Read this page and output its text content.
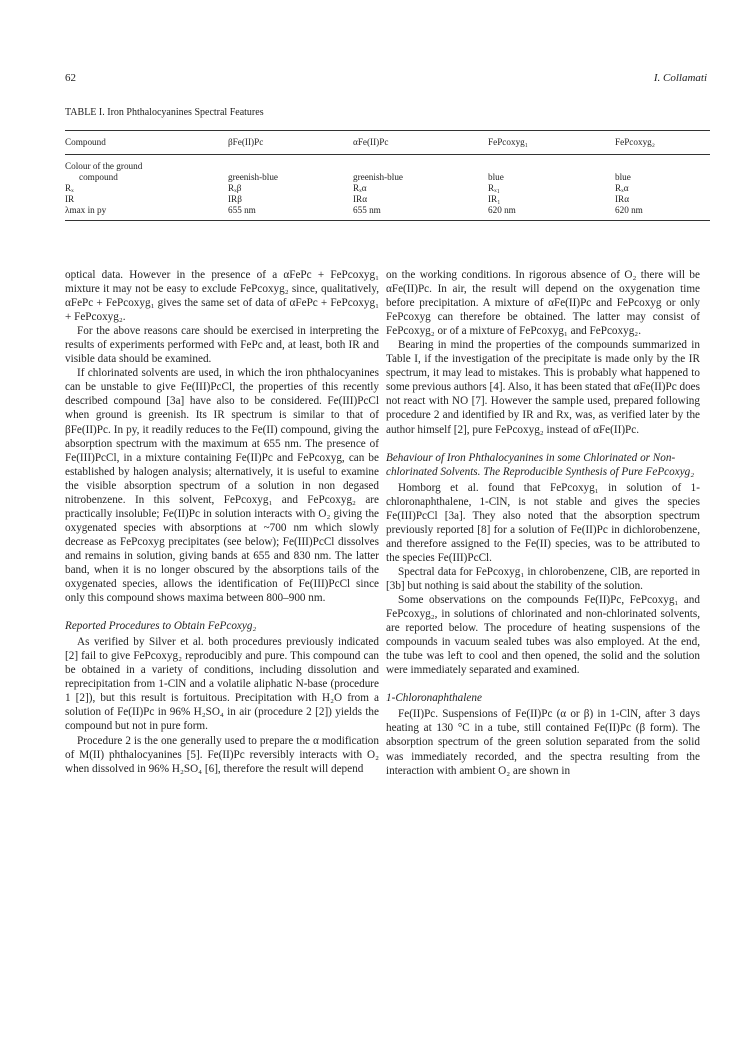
62	I. Collamati
TABLE I. Iron Phthalocyanines Spectral Features
Compound	βFe(II)Pc	αFe(II)Pc	FePcoxyg₁	FePcoxyg₂
Colour of the ground				
compound	greenish-blue	greenish-blue	blue	blue
Rₓ	Rₓβ	Rₓα	Rₓ₁	Rₓα
IR	IRβ	IRα	IR₁	IRα
λmax in py	655 nm	655 nm	620 nm	620 nm

optical data. However in the presence of a αFePc + FePcoxyg₁ mixture it may not be easy to exclude FePcoxyg₂ since, qualitatively, αFePc + FePcoxyg₁ gives the same set of data of αFePc + FePcoxyg₁ + FePcoxyg₂.

For the above reasons care should be exercised in interpreting the results of experiments performed with FePc and, at least, both IR and visible data should be examined.

If chlorinated solvents are used, in which the iron phthalocyanines can be unstable to give Fe(III)PcCl, the properties of this recently described compound [3a] have also to be considered. Fe(III)PcCl when ground is greenish. Its IR spectrum is similar to that of βFe(II)Pc. In py, it readily reduces to the Fe(II) compound, giving the absorption spectrum with the maximum at 655 nm. The presence of Fe(III)PcCl, in a mixture containing Fe(II)Pc and FePcoxyg, can be established by halogen analysis; alternatively, it is useful to examine the visible absorption spectrum of a solution in non degased nitrobenzene. In this solvent, FePcoxyg₁ and FePcoxyg₂ are practically insoluble; Fe(II)Pc in solution interacts with O₂ giving the oxygenated species with absorptions at ~700 nm which slowly decrease as FePcoxyg precipitates (see below); Fe(III)PcCl dissolves and remains in solution, giving bands at 655 and 830 nm. The latter band, when it is no longer obscured by the absorptions tails of the oxygenated species, allows the identification of Fe(III)PcCl since only this compound shows maxima between 800–900 nm.

Reported Procedures to Obtain FePcoxyg₂

As verified by Silver et al. both procedures previously indicated [2] fail to give FePcoxyg₂ reproducibly and pure. This compound can be obtained in a variety of conditions, including dissolution and reprecipitation from 1-ClN and a volatile aliphatic N-base (procedure 1 [2]), but this result is fortuitous. Precipitation with H₂O from a solution of Fe(II)Pc in 96% H₂SO₄ in air (procedure 2 [2]) yields the compound but not in pure form.

Procedure 2 is the one generally used to prepare the α modification of M(II) phthalocyanines [5]. Fe(II)Pc reversibly interacts with O₂ when dissolved in 96% H₂SO₄ [6], therefore the result will depend

on the working conditions. In rigorous absence of O₂ there will be αFe(II)Pc. In air, the result will depend on the oxygenation time before precipitation. A mixture of αFe(II)Pc and FePcoxyg or only FePcoxyg can therefore be obtained. The latter may consist of FePcoxyg₂ or of a mixture of FePcoxyg₁ and FePcoxyg₂.

Bearing in mind the properties of the compounds summarized in Table I, if the investigation of the precipitate is made only by the IR spectrum, it may lead to mistakes. This is probably what happened to some previous authors [4]. Also, it has been stated that αFe(II)Pc does not react with NO [7]. However the sample used, prepared following procedure 2 and identified by IR and Rx, was, as verified later by the author himself [2], pure FePcoxyg₂ instead of αFe(II)Pc.

Behaviour of Iron Phthalocyanines in some Chlorinated or Non-chlorinated Solvents. The Reproducible Synthesis of Pure FePcoxyg₂

Homborg et al. found that FePcoxyg₁ in solution of 1-chloronaphthalene, 1-ClN, is not stable and gives the species Fe(III)PcCl [3a]. They also noted that the absorption spectrum previously reported [8] for a solution of Fe(II)Pc in dichlorobenzene, and therefore assigned to the Fe(II) species, was to be attributed to the species Fe(III)PcCl.

Spectral data for FePcoxyg₁ in chlorobenzene, ClB, are reported in [3b] but nothing is said about the stability of the solution.

Some observations on the compounds Fe(II)Pc, FePcoxyg₁ and FePcoxyg₂, in solutions of chlorinated and non-chlorinated solvents, are reported below. The procedure of heating suspensions of the compounds in vacuum sealed tubes was also employed. At the end, the tube was left to cool and then opened, the solid and the solution were immediately separated and examined.

1-Chloronaphthalene

Fe(II)Pc. Suspensions of Fe(II)Pc (α or β) in 1-ClN, after 3 days heating at 130 °C in a tube, still contained Fe(II)Pc (β form). The absorption spectrum of the green solution separated from the solid was immediately recorded, and the spectra resulting from the interaction with ambient O₂ are shown in
